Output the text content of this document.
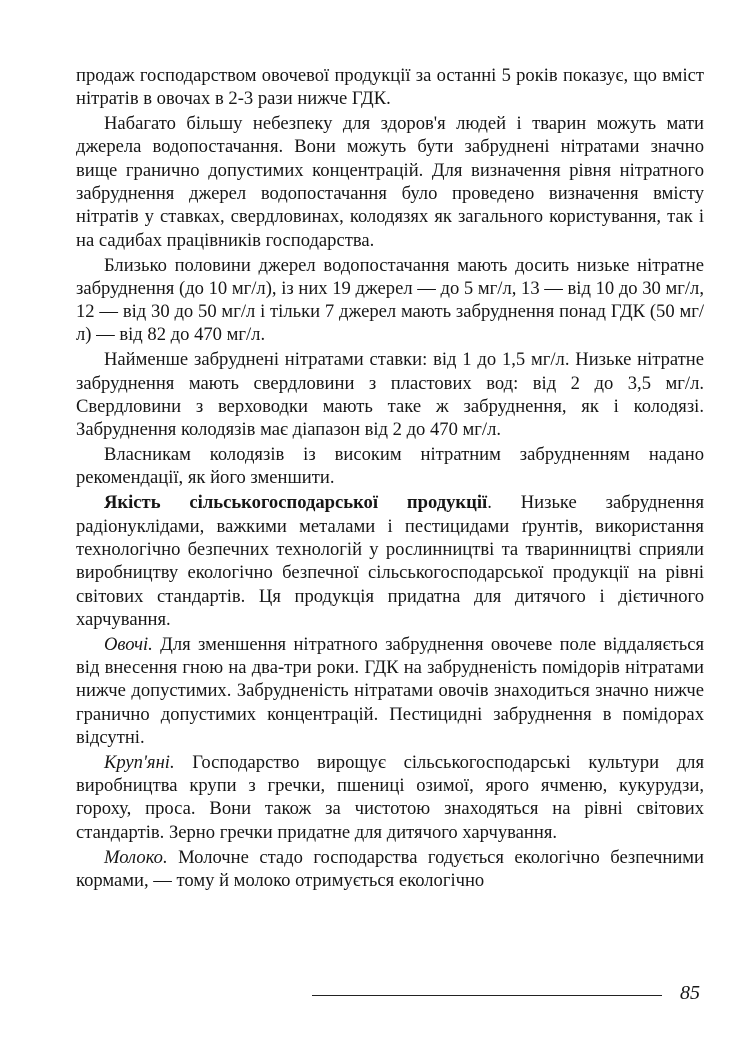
продаж господарством овочевої продукції за останні 5 років показує, що вміст нітратів в овочах в 2-3 рази нижче ГДК.

Набагато більшу небезпеку для здоров'я людей і тварин можуть мати джерела водопостачання. Вони можуть бути забруднені нітратами значно вище гранично допустимих концентрацій. Для визначення рівня нітратного забруднення джерел водопостачання було проведено визначення вмісту нітратів у ставках, свердловинах, колодязях як загального користування, так і на садибах працівників господарства.

Близько половини джерел водопостачання мають досить низьке нітратне забруднення (до 10 мг/л), із них 19 джерел — до 5 мг/л, 13 — від 10 до 30 мг/л, 12 — від 30 до 50 мг/л і тільки 7 джерел мають забруднення понад ГДК (50 мг/л) — від 82 до 470 мг/л.

Найменше забруднені нітратами ставки: від 1 до 1,5 мг/л. Низьке нітратне забруднення мають свердловини з пластових вод: від 2 до 3,5 мг/л. Свердловини з верховодки мають таке ж забруднення, як і колодязі. Забруднення колодязів має діапазон від 2 до 470 мг/л.

Власникам колодязів із високим нітратним забрудненням надано рекомендації, як його зменшити.

Якість сільськогосподарської продукції. Низьке забруднення радіонуклідами, важкими металами і пестицидами ґрунтів, використання технологічно безпечних технологій у рослинництві та тваринництві сприяли виробництву екологічно безпечної сільськогосподарської продукції на рівні світових стандартів. Ця продукція придатна для дитячого і дієтичного харчування.

Овочі. Для зменшення нітратного забруднення овочеве поле віддаляється від внесення гною на два-три роки. ГДК на забрудненість помідорів нітратами нижче допустимих. Забрудненість нітратами овочів знаходиться значно нижче гранично допустимих концентрацій. Пестицидні забруднення в помідорах відсутні.

Круп'яні. Господарство вирощує сільськогосподарські культури для виробництва крупи з гречки, пшениці озимої, ярого ячменю, кукурудзи, гороху, проса. Вони також за чистотою знаходяться на рівні світових стандартів. Зерно гречки придатне для дитячого харчування.

Молоко. Молочне стадо господарства годується екологічно безпечними кормами, — тому й молоко отримується екологічно

85
